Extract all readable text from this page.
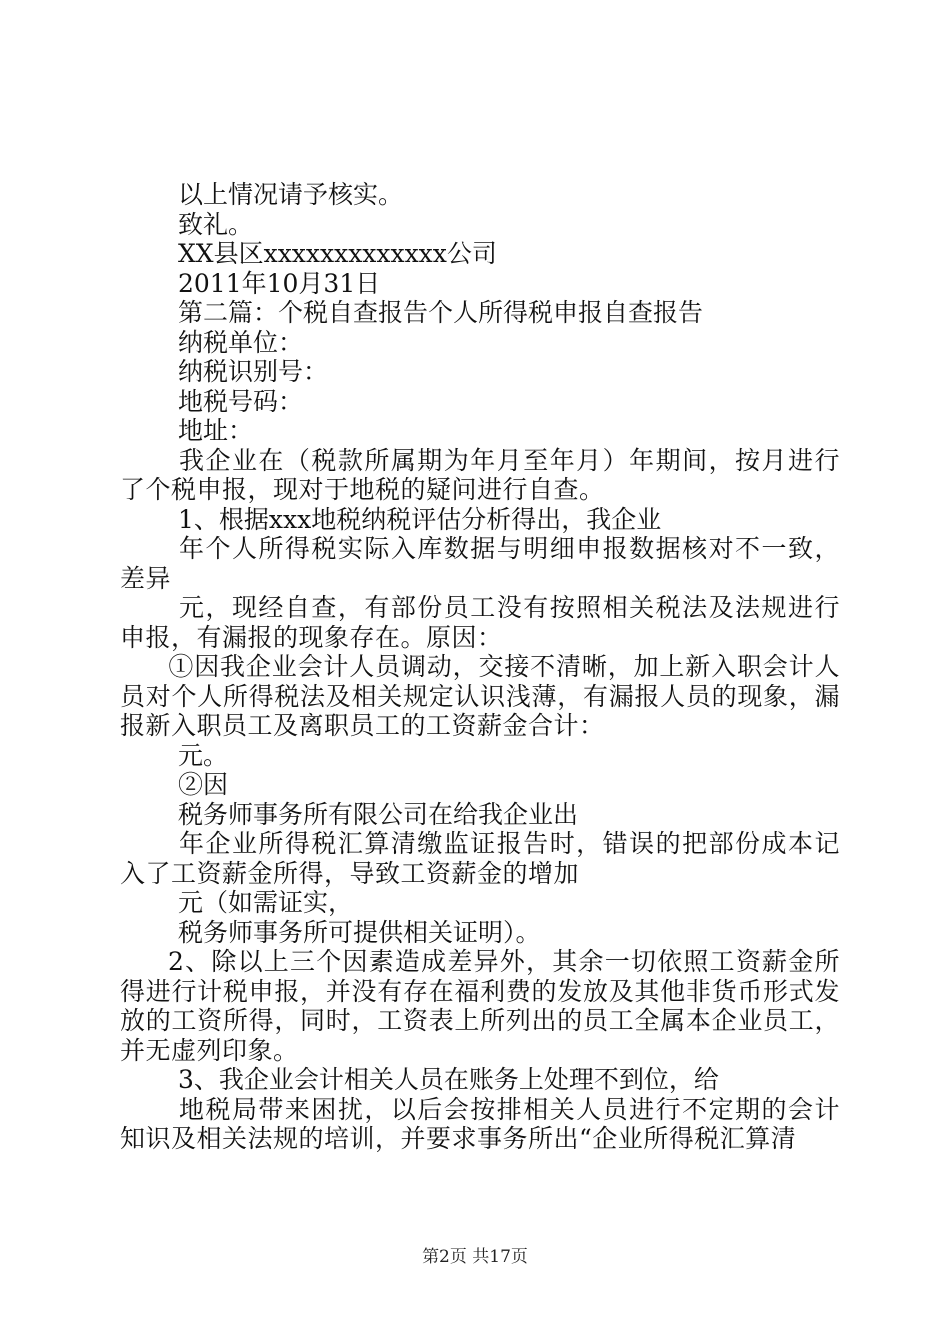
以上情况请予核实。

致礼。

XX县区xxxxxxxxxxxxx公司

2011年10月31日

第二篇：个税自查报告个人所得税申报自查报告

纳税单位：

纳税识别号：

地税号码：

地址：

我企业在（税款所属期为年月至年月）年期间，按月进行了个税申报，现对于地税的疑问进行自查。

1、根据xxx地税纳税评估分析得出，我企业

年个人所得税实际入库数据与明细申报数据核对不一致，差异

元，现经自查，有部份员工没有按照相关税法及法规进行申报，有漏报的现象存在。原因：

①因我企业会计人员调动，交接不清晰，加上新入职会计人员对个人所得税法及相关规定认识浅薄，有漏报人员的现象，漏报新入职员工及离职员工的工资薪金合计：

元。

②因

税务师事务所有限公司在给我企业出

年企业所得税汇算清缴监证报告时，错误的把部份成本记入了工资薪金所得，导致工资薪金的增加

元（如需证实，

税务师事务所可提供相关证明）。

2、除以上三个因素造成差异外，其余一切依照工资薪金所得进行计税申报，并没有存在福利费的发放及其他非货币形式发放的工资所得，同时，工资表上所列出的员工全属本企业员工，并无虚列印象。

3、我企业会计相关人员在账务上处理不到位，给

地税局带来困扰，以后会按排相关人员进行不定期的会计知识及相关法规的培训，并要求事务所出“企业所得税汇算清

第2页 共17页
